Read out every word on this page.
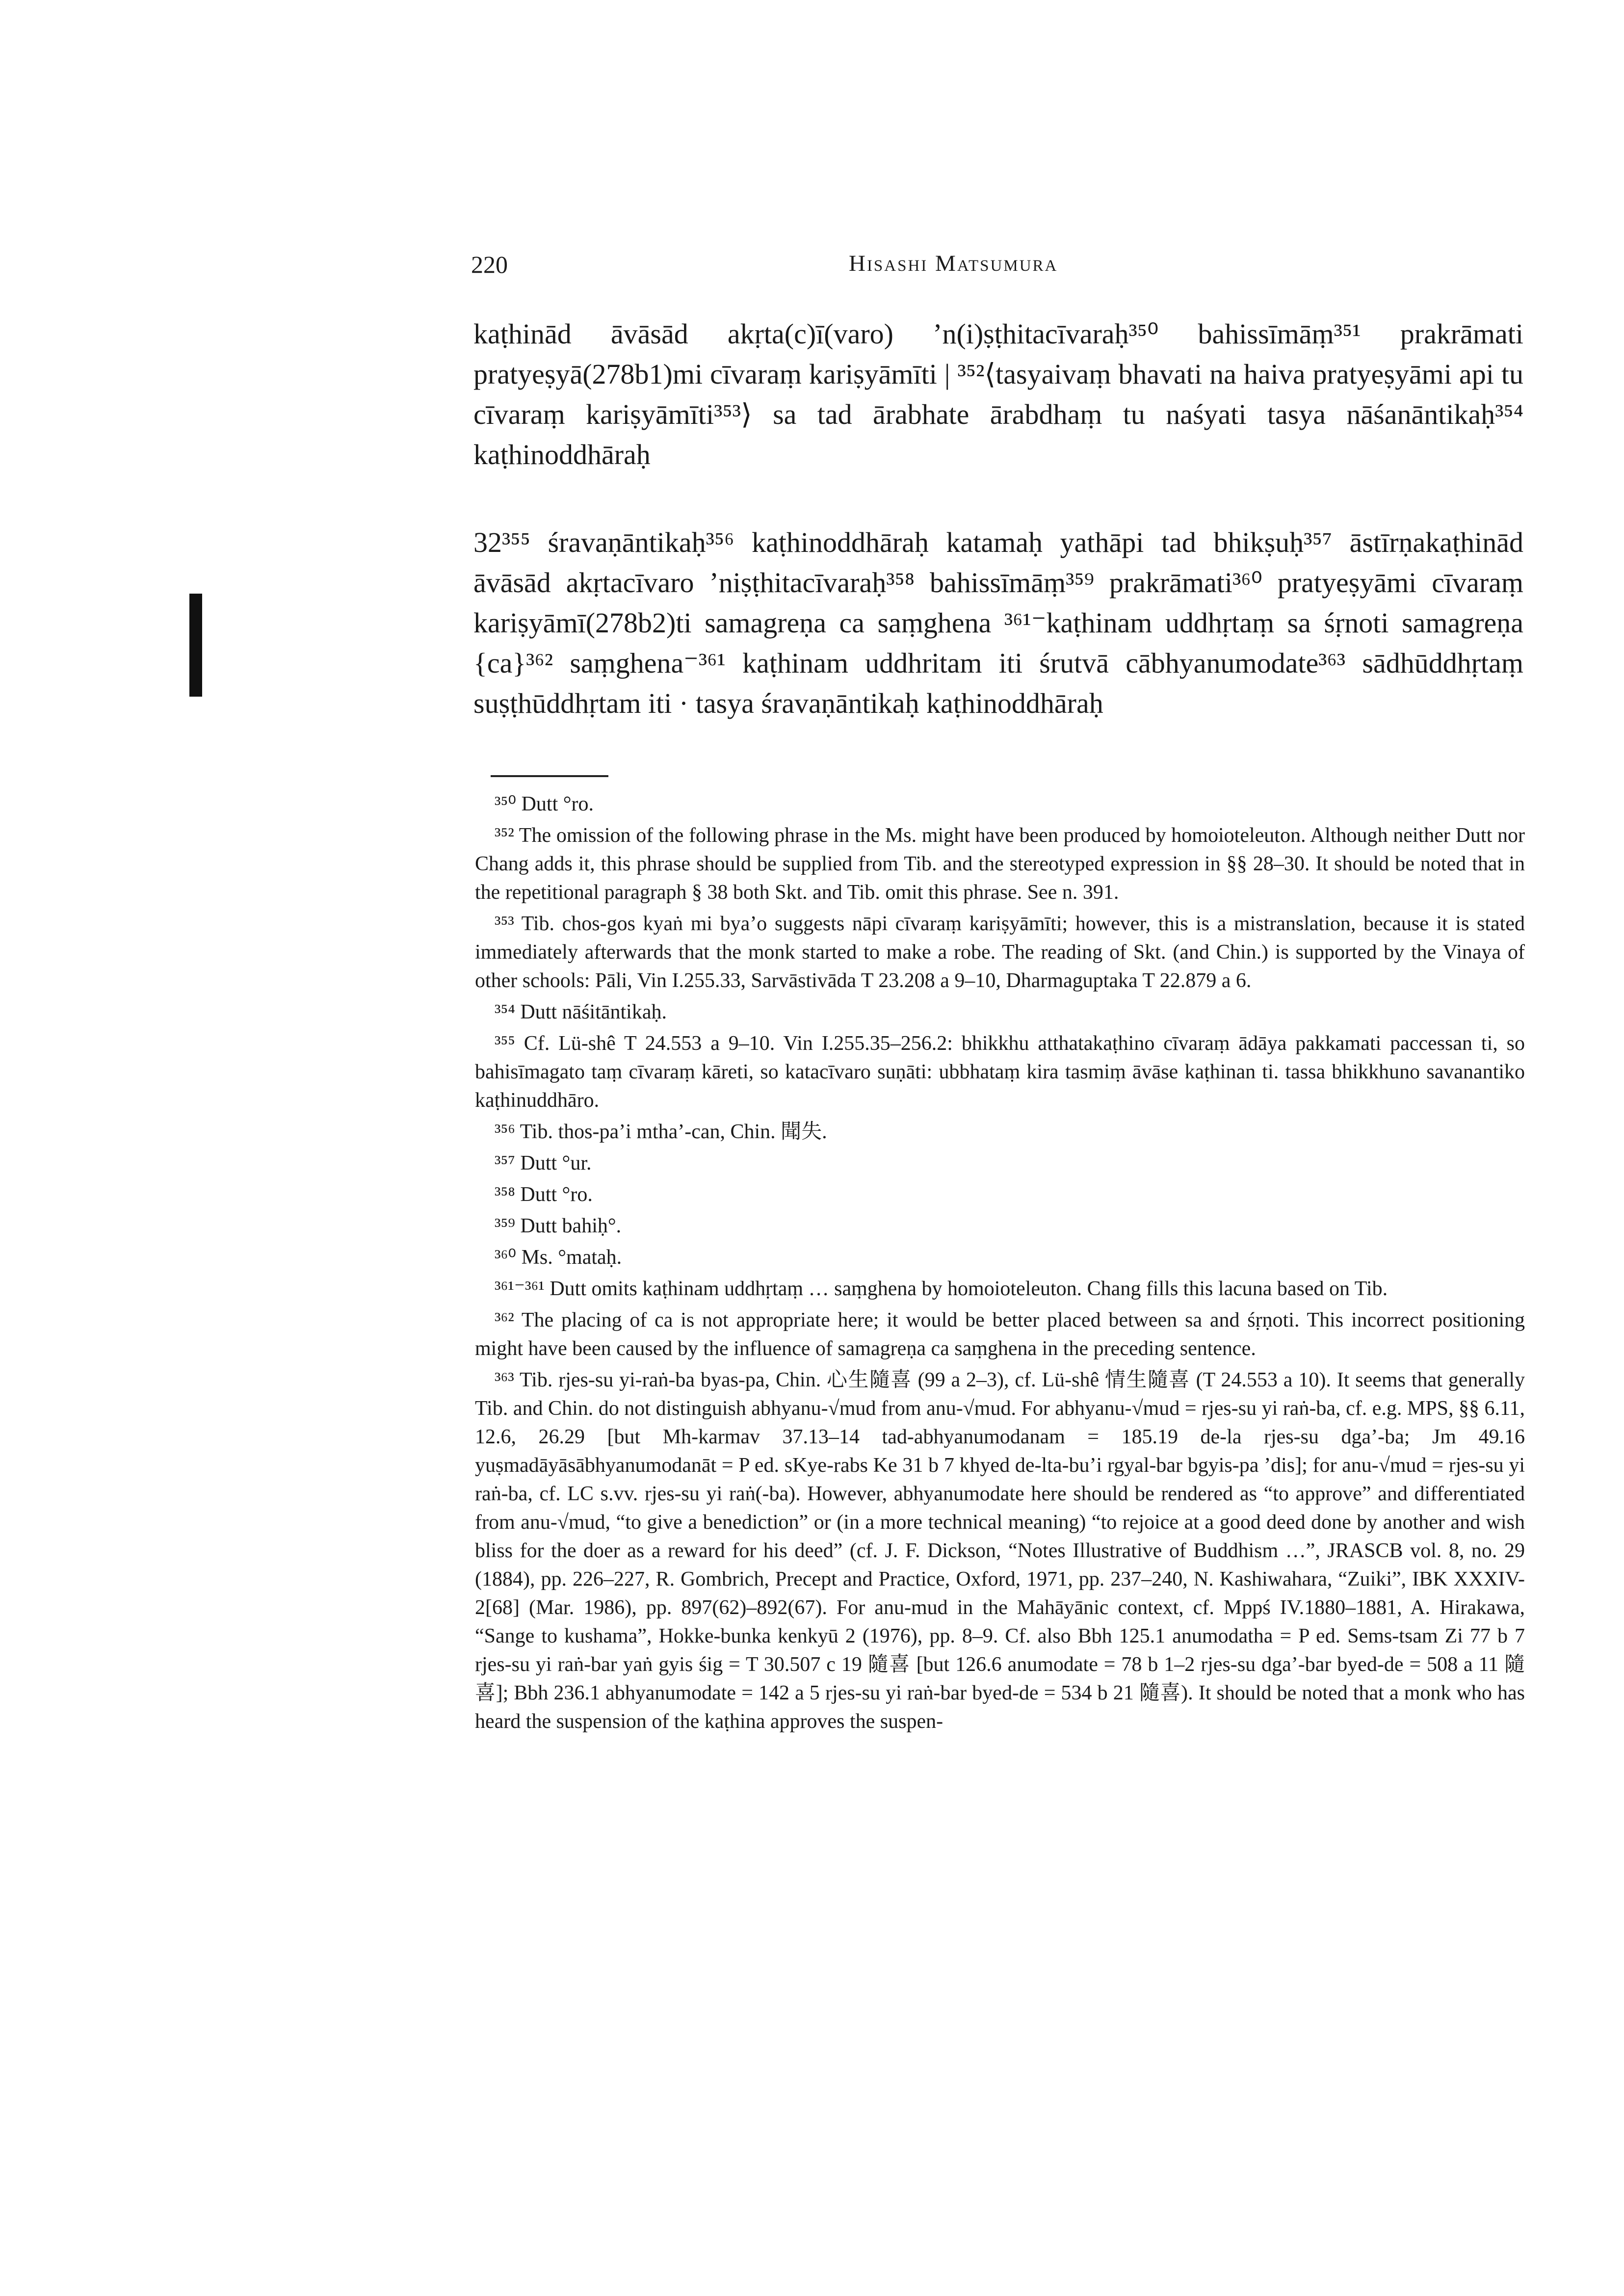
220	Hisashi Matsumura

kaṭhinād āvāsād akṛta(c)ī(varo) ’n(i)ṣṭhitacīvaraḥ³⁵⁰ bahissīmāṃ³⁵¹ prakrāmati pratyeṣyā(278b1)mi cīvaraṃ kariṣyāmīti | ³⁵²⟨tasyaivaṃ bhavati na haiva pratyeṣyāmi api tu cīvaraṃ kariṣyāmīti³⁵³⟩ sa tad ārabhate ārabdhaṃ tu naśyati tasya nāśanāntikaḥ³⁵⁴ kaṭhinoddhāraḥ

32³⁵⁵ śravaṇāntikaḥ³⁵⁶ kaṭhinoddhāraḥ katamaḥ yathāpi tad bhikṣuḥ³⁵⁷ āstīrṇakaṭhinād āvāsād akṛtacīvaro ’niṣṭhitacīvaraḥ³⁵⁸ bahissīmāṃ³⁵⁹ prakrāmati³⁶⁰ pratyeṣyāmi cīvaraṃ kariṣyāmī(278b2)ti samagreṇa ca saṃghena ³⁶¹⁻kaṭhinam uddhṛtaṃ sa śṛnoti samagreṇa {ca}³⁶² saṃghena⁻³⁶¹ kaṭhinam uddhritam iti śrutvā cābhyanumodate³⁶³ sādhūddhṛtaṃ suṣṭhūddhṛtam iti · tasya śravaṇāntikaḥ kaṭhinoddhāraḥ

³⁵⁰ Dutt °ro.

³⁵² The omission of the following phrase in the Ms. might have been produced by homoioteleuton. Although neither Dutt nor Chang adds it, this phrase should be supplied from Tib. and the stereotyped expression in §§ 28–30. It should be noted that in the repetitional paragraph § 38 both Skt. and Tib. omit this phrase. See n. 391.

³⁵³ Tib. chos-gos kyaṅ mi bya’o suggests nāpi cīvaraṃ kariṣyāmīti; however, this is a mistranslation, because it is stated immediately afterwards that the monk started to make a robe. The reading of Skt. (and Chin.) is supported by the Vinaya of other schools: Pāli, Vin I.255.33, Sarvāstivāda T 23.208 a 9–10, Dharmaguptaka T 22.879 a 6.

³⁵⁴ Dutt nāśitāntikaḥ.

³⁵⁵ Cf. Lü-shê T 24.553 a 9–10. Vin I.255.35–256.2: bhikkhu atthatakaṭhino cīvaraṃ ādāya pakkamati paccessan ti, so bahisīmagato taṃ cīvaraṃ kāreti, so katacīvaro suṇāti: ubbhataṃ kira tasmiṃ āvāse kaṭhinan ti. tassa bhikkhuno savanantiko kaṭhinuddhāro.

³⁵⁶ Tib. thos-pa’i mtha’-can, Chin. 聞失.

³⁵⁷ Dutt °ur.

³⁵⁸ Dutt °ro.

³⁵⁹ Dutt bahiḥ°.

³⁶⁰ Ms. °mataḥ.

³⁶¹⁻³⁶¹ Dutt omits kaṭhinam uddhṛtaṃ … saṃghena by homoioteleuton. Chang fills this lacuna based on Tib.

³⁶² The placing of ca is not appropriate here; it would be better placed between sa and śṛṇoti. This incorrect positioning might have been caused by the influence of samagreṇa ca saṃghena in the preceding sentence.

³⁶³ Tib. rjes-su yi-raṅ-ba byas-pa, Chin. 心生隨喜 (99 a 2–3), cf. Lü-shê 情生隨喜 (T 24.553 a 10). It seems that generally Tib. and Chin. do not distinguish abhyanu-√mud from anu-√mud. For abhyanu-√mud = rjes-su yi raṅ-ba, cf. e.g. MPS, §§ 6.11, 12.6, 26.29 [but Mh-karmav 37.13–14 tad-abhyanumodanam = 185.19 de-la rjes-su dga’-ba; Jm 49.16 yuṣmadāyāsābhyanumodanāt = P ed. sKye-rabs Ke 31 b 7 khyed de-lta-bu’i rgyal-bar bgyis-pa ’dis]; for anu-√mud = rjes-su yi raṅ-ba, cf. LC s.vv. rjes-su yi raṅ(-ba). However, abhyanumodate here should be rendered as “to approve” and differentiated from anu-√mud, “to give a benediction” or (in a more technical meaning) “to rejoice at a good deed done by another and wish bliss for the doer as a reward for his deed” (cf. J. F. Dickson, “Notes Illustrative of Buddhism …”, JRASCB vol. 8, no. 29 (1884), pp. 226–227, R. Gombrich, Precept and Practice, Oxford, 1971, pp. 237–240, N. Kashiwahara, “Zuiki”, IBK XXXIV-2[68] (Mar. 1986), pp. 897(62)–892(67). For anu-mud in the Mahāyānic context, cf. Mppś IV.1880–1881, A. Hirakawa, “Sange to kushama”, Hokke-bunka kenkyū 2 (1976), pp. 8–9. Cf. also Bbh 125.1 anumodatha = P ed. Sems-tsam Zi 77 b 7 rjes-su yi raṅ-bar yaṅ gyis śig = T 30.507 c 19 隨喜 [but 126.6 anumodate = 78 b 1–2 rjes-su dga’-bar byed-de = 508 a 11 隨喜]; Bbh 236.1 abhyanumodate = 142 a 5 rjes-su yi raṅ-bar byed-de = 534 b 21 隨喜). It should be noted that a monk who has heard the suspension of the kaṭhina approves the suspen-
